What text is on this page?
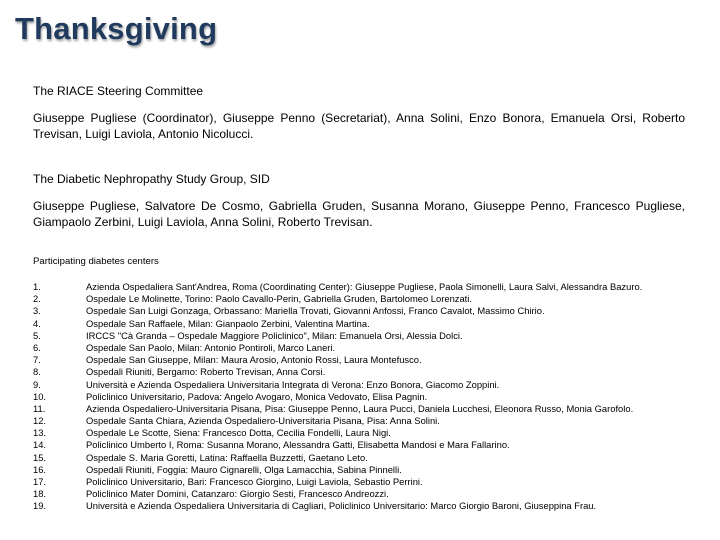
Thanksgiving

The RIACE Steering Committee

Giuseppe Pugliese (Coordinator), Giuseppe Penno (Secretariat), Anna Solini, Enzo Bonora, Emanuela Orsi, Roberto Trevisan, Luigi Laviola, Antonio Nicolucci.

The Diabetic Nephropathy Study Group, SID

Giuseppe Pugliese, Salvatore De Cosmo, Gabriella Gruden, Susanna Morano, Giuseppe Penno, Francesco Pugliese, Giampaolo Zerbini, Luigi Laviola, Anna Solini, Roberto Trevisan.

Participating diabetes centers

1.	Azienda Ospedaliera Sant'Andrea, Roma (Coordinating Center): Giuseppe Pugliese, Paola Simonelli, Laura Salvi, Alessandra Bazuro.
2.	Ospedale Le Molinette, Torino: Paolo Cavallo-Perin, Gabriella Gruden, Bartolomeo Lorenzati.
3.	Ospedale San Luigi Gonzaga, Orbassano: Mariella Trovati, Giovanni Anfossi, Franco Cavalot, Massimo Chirio.
4.	Ospedale San Raffaele, Milan: Gianpaolo Zerbini, Valentina Martina.
5.	IRCCS "Cà Granda – Ospedale Maggiore Policlinico", Milan: Emanuela Orsi, Alessia Dolci.
6.	Ospedale San Paolo, Milan: Antonio Pontiroli, Marco Laneri.
7.	Ospedale San Giuseppe, Milan: Maura Arosio, Antonio Rossi, Laura Montefusco.
8.	Ospedali Riuniti, Bergamo: Roberto Trevisan, Anna Corsi.
9.	Università e Azienda Ospedaliera Universitaria Integrata di Verona: Enzo Bonora, Giacomo Zoppini.
10.	Policlinico Universitario, Padova: Angelo Avogaro, Monica Vedovato, Elisa Pagnin.
11.	Azienda Ospedaliero-Universitaria Pisana, Pisa: Giuseppe Penno, Laura Pucci, Daniela Lucchesi, Eleonora Russo, Monia Garofolo.
12.	Ospedale Santa Chiara, Azienda Ospedaliero-Universitaria Pisana, Pisa: Anna Solini.
13.	Ospedale Le Scotte, Siena: Francesco Dotta, Cecilia Fondelli, Laura Nigi.
14.	Policlinico Umberto I, Roma: Susanna Morano, Alessandra Gatti, Elisabetta Mandosi e Mara Fallarino.
15.	Ospedale S. Maria Goretti, Latina: Raffaella Buzzetti, Gaetano Leto.
16.	Ospedali Riuniti, Foggia: Mauro Cignarelli, Olga Lamacchia, Sabina Pinnelli.
17.	Policlinico Universitario, Bari: Francesco Giorgino, Luigi Laviola, Sebastio Perrini.
18.	Policlinico Mater Domini, Catanzaro: Giorgio Sesti, Francesco Andreozzi.
19.	Università e Azienda Ospedaliera Universitaria di Cagliari, Policlinico Universitario: Marco Giorgio Baroni, Giuseppina Frau.
